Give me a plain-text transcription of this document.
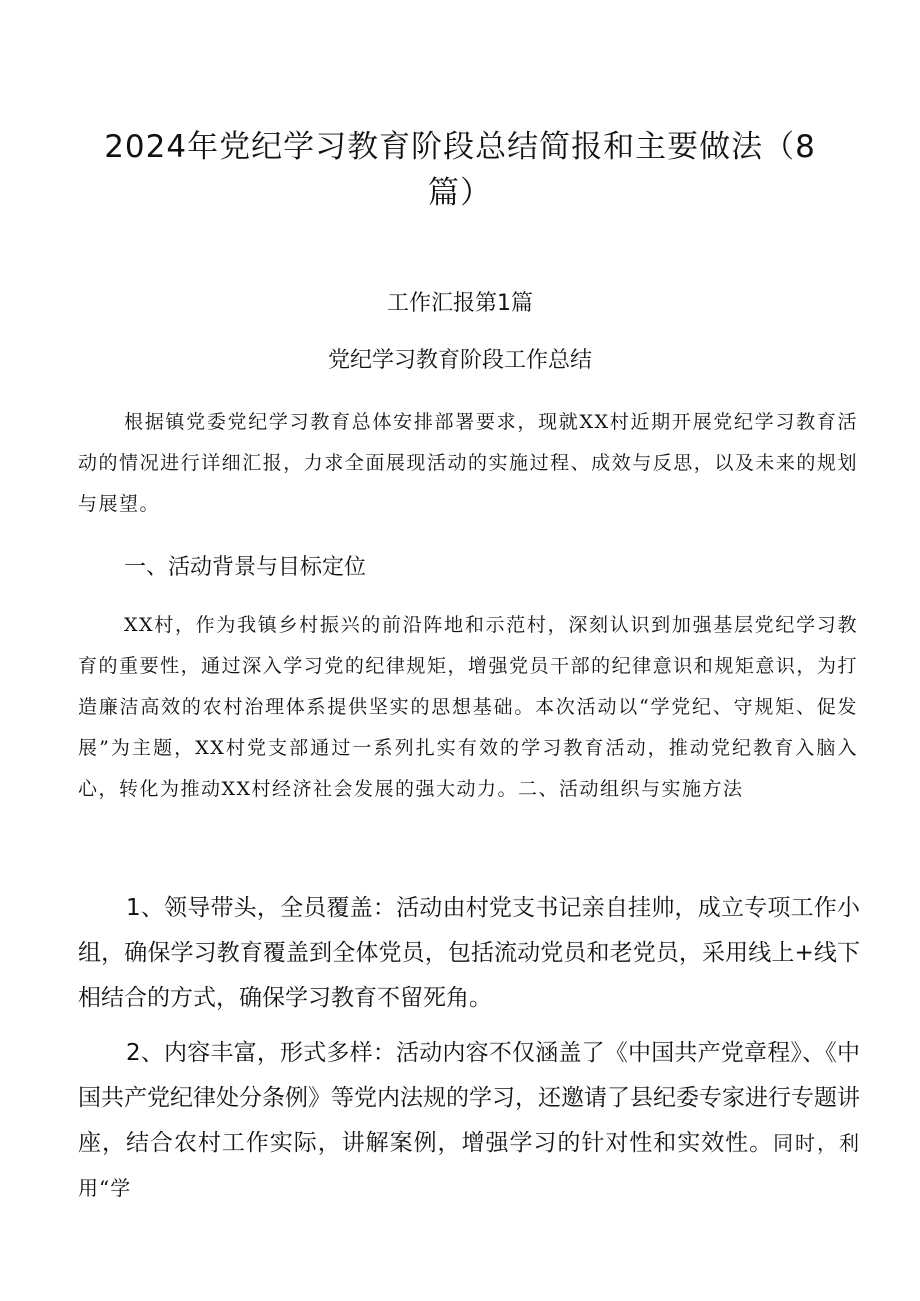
2024年党纪学习教育阶段总结简报和主要做法（8篇）
工作汇报第1篇
党纪学习教育阶段工作总结

根据镇党委党纪学习教育总体安排部署要求，现就XX村近期开展党纪学习教育活动的情况进行详细汇报，力求全面展现活动的实施过程、成效与反思，以及未来的规划与展望。

一、活动背景与目标定位

XX村，作为我镇乡村振兴的前沿阵地和示范村，深刻认识到加强基层党纪学习教育的重要性，通过深入学习党的纪律规矩，增强党员干部的纪律意识和规矩意识，为打造廉洁高效的农村治理体系提供坚实的思想基础。本次活动以“学党纪、守规矩、促发展”为主题，XX村党支部通过一系列扎实有效的学习教育活动，推动党纪教育入脑入心，转化为推动XX村经济社会发展的强大动力。二、活动组织与实施方法

1、领导带头，全员覆盖：活动由村党支书记亲自挂帅，成立专项工作小组，确保学习教育覆盖到全体党员，包括流动党员和老党员，采用线上+线下相结合的方式，确保学习教育不留死角。

2、内容丰富，形式多样：活动内容不仅涵盖了《中国共产党章程》、《中国共产党纪律处分条例》等党内法规的学习，还邀请了县纪委专家进行专题讲座，结合农村工作实际，讲解案例，增强学习的针对性和实效性。同时，利用“学
